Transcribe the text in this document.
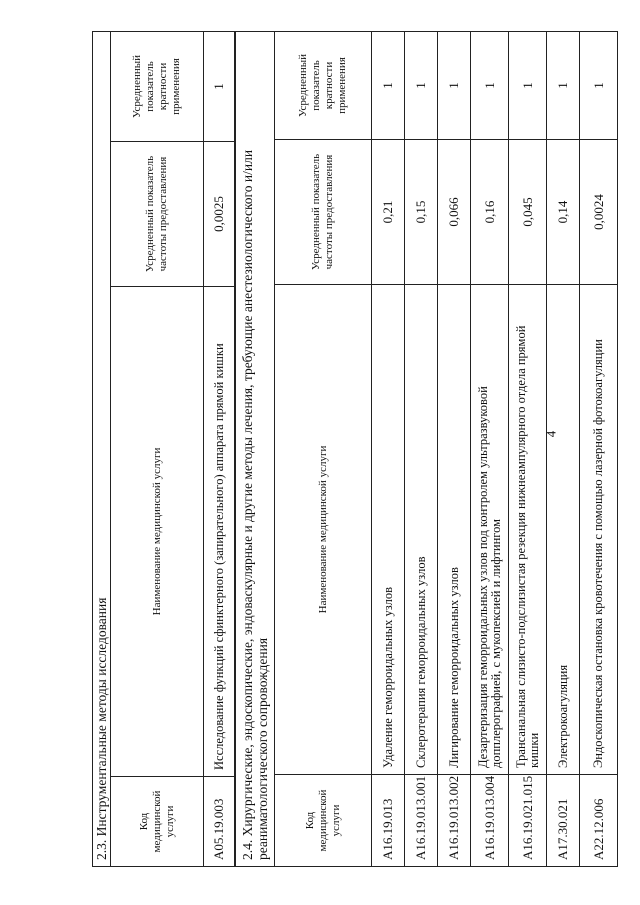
4
2.3. Инструментальные методы исследования			
Код медицинской услуги	Наименование медицинской услуги	Усредненный показатель частоты предоставления	Усредненный показатель кратности применения
A05.19.003	Исследование функций сфинктерного (запирательного) аппарата прямой кишки	0,0025	1
2.4. Хирургические, эндоскопические, эндоваскулярные и другие методы лечения, требующие анестезиологического и/или реаниматологического сопровождения			
Код медицинской услуги	Наименование медицинской услуги	Усредненный показатель частоты предоставления	Усредненный показатель кратности применения
A16.19.013	Удаление геморроидальных узлов	0,21	1
A16.19.013.001	Склеротерапия геморроидальных узлов	0,15	1
A16.19.013.002	Лигирование геморроидальных узлов	0,066	1
A16.19.013.004	Дезартеризация геморроидальных узлов под контролем ультразвуковой допплерографией, с мукопексией и лифтингом	0,16	1
A16.19.021.015	Трансанальная слизисто-подслизистая резекция нижнеампулярного отдела прямой кишки	0,045	1
A17.30.021	Электрокоагуляция	0,14	1
A22.12.006	Эндоскопическая остановка кровотечения с помощью лазерной фотокоагуляции	0,0024	1
